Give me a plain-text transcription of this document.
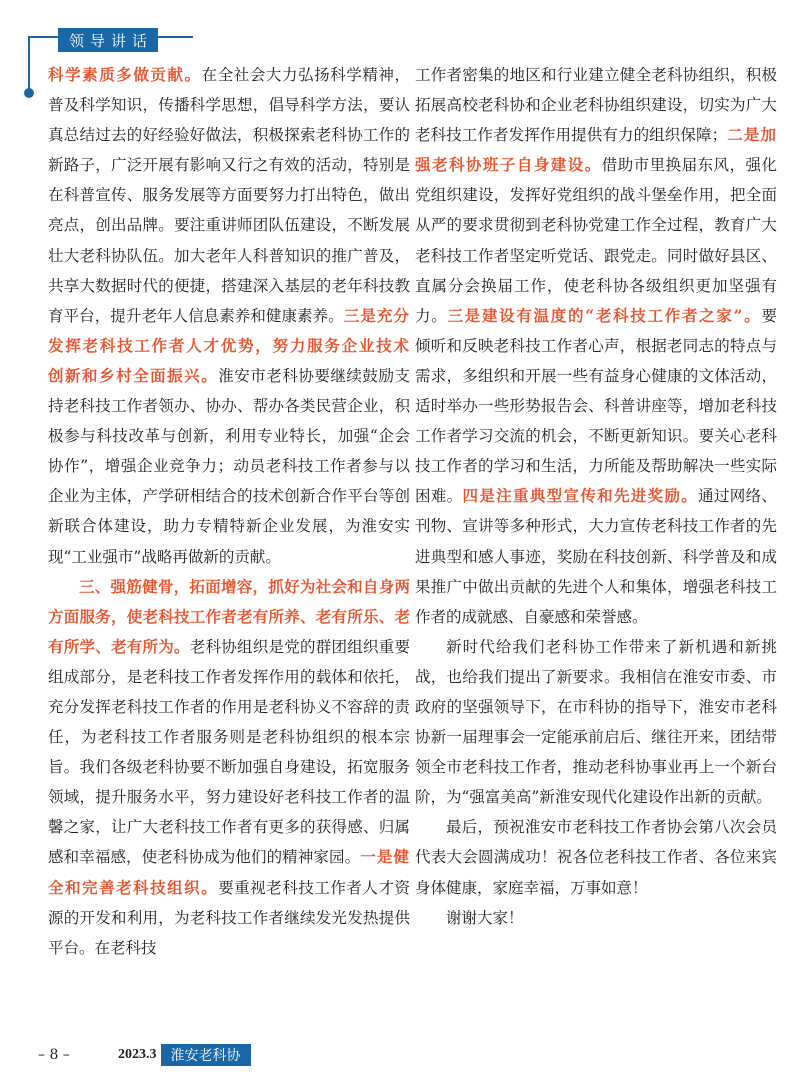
领导讲话

科学素质多做贡献。在全社会大力弘扬科学精神，普及科学知识，传播科学思想，倡导科学方法，要认真总结过去的好经验好做法，积极探索老科协工作的新路子，广泛开展有影响又行之有效的活动，特别是在科普宣传、服务发展等方面要努力打出特色，做出亮点，创出品牌。要注重讲师团队伍建设，不断发展壮大老科协队伍。加大老年人科普知识的推广普及，共享大数据时代的便捷，搭建深入基层的老年科技教育平台，提升老年人信息素养和健康素养。三是充分发挥老科技工作者人才优势，努力服务企业技术创新和乡村全面振兴。淮安市老科协要继续鼓励支持老科技工作者领办、协办、帮办各类民营企业，积极参与科技改革与创新，利用专业特长，加强“企会协作”，增强企业竞争力；动员老科技工作者参与以企业为主体，产学研相结合的技术创新合作平台等创新联合体建设，助力专精特新企业发展，为淮安实现“工业强市”战略再做新的贡献。

三、强筋健骨，拓面增容，抓好为社会和自身两方面服务，使老科技工作者老有所养、老有所乐、老有所学、老有所为。老科协组织是党的群团组织重要组成部分，是老科技工作者发挥作用的载体和依托，充分发挥老科技工作者的作用是老科协义不容辞的责任，为老科技工作者服务则是老科协组织的根本宗旨。我们各级老科协要不断加强自身建设，拓宽服务领域，提升服务水平，努力建设好老科技工作者的温馨之家，让广大老科技工作者有更多的获得感、归属感和幸福感，使老科协成为他们的精神家园。一是健全和完善老科技组织。要重视老科技工作者人才资源的开发和利用，为老科技工作者继续发光发热提供平台。在老科技

工作者密集的地区和行业建立健全老科协组织，积极拓展高校老科协和企业老科协组织建设，切实为广大老科技工作者发挥作用提供有力的组织保障；二是加强老科协班子自身建设。借助市里换届东风，强化党组织建设，发挥好党组织的战斗堡垒作用，把全面从严的要求贯彻到老科协党建工作全过程，教育广大老科技工作者坚定听党话、跟党走。同时做好县区、直属分会换届工作，使老科协各级组织更加坚强有力。三是建设有温度的“老科技工作者之家”。要倾听和反映老科技工作者心声，根据老同志的特点与需求，多组织和开展一些有益身心健康的文体活动，适时举办一些形势报告会、科普讲座等，增加老科技工作者学习交流的机会，不断更新知识。要关心老科技工作者的学习和生活，力所能及帮助解决一些实际困难。四是注重典型宣传和先进奖励。通过网络、刊物、宣讲等多种形式，大力宣传老科技工作者的先进典型和感人事迹，奖励在科技创新、科学普及和成果推广中做出贡献的先进个人和集体，增强老科技工作者的成就感、自豪感和荣誉感。

新时代给我们老科协工作带来了新机遇和新挑战，也给我们提出了新要求。我相信在淮安市委、市政府的坚强领导下，在市科协的指导下，淮安市老科协新一届理事会一定能承前启后、继往开来，团结带领全市老科技工作者，推动老科协事业再上一个新台阶，为“强富美高”新淮安现代化建设作出新的贡献。

最后，预祝淮安市老科技工作者协会第八次会员代表大会圆满成功！祝各位老科技工作者、各位来宾身体健康，家庭幸福，万事如意！

谢谢大家！

– 8 –	2023.3	淮安老科协
